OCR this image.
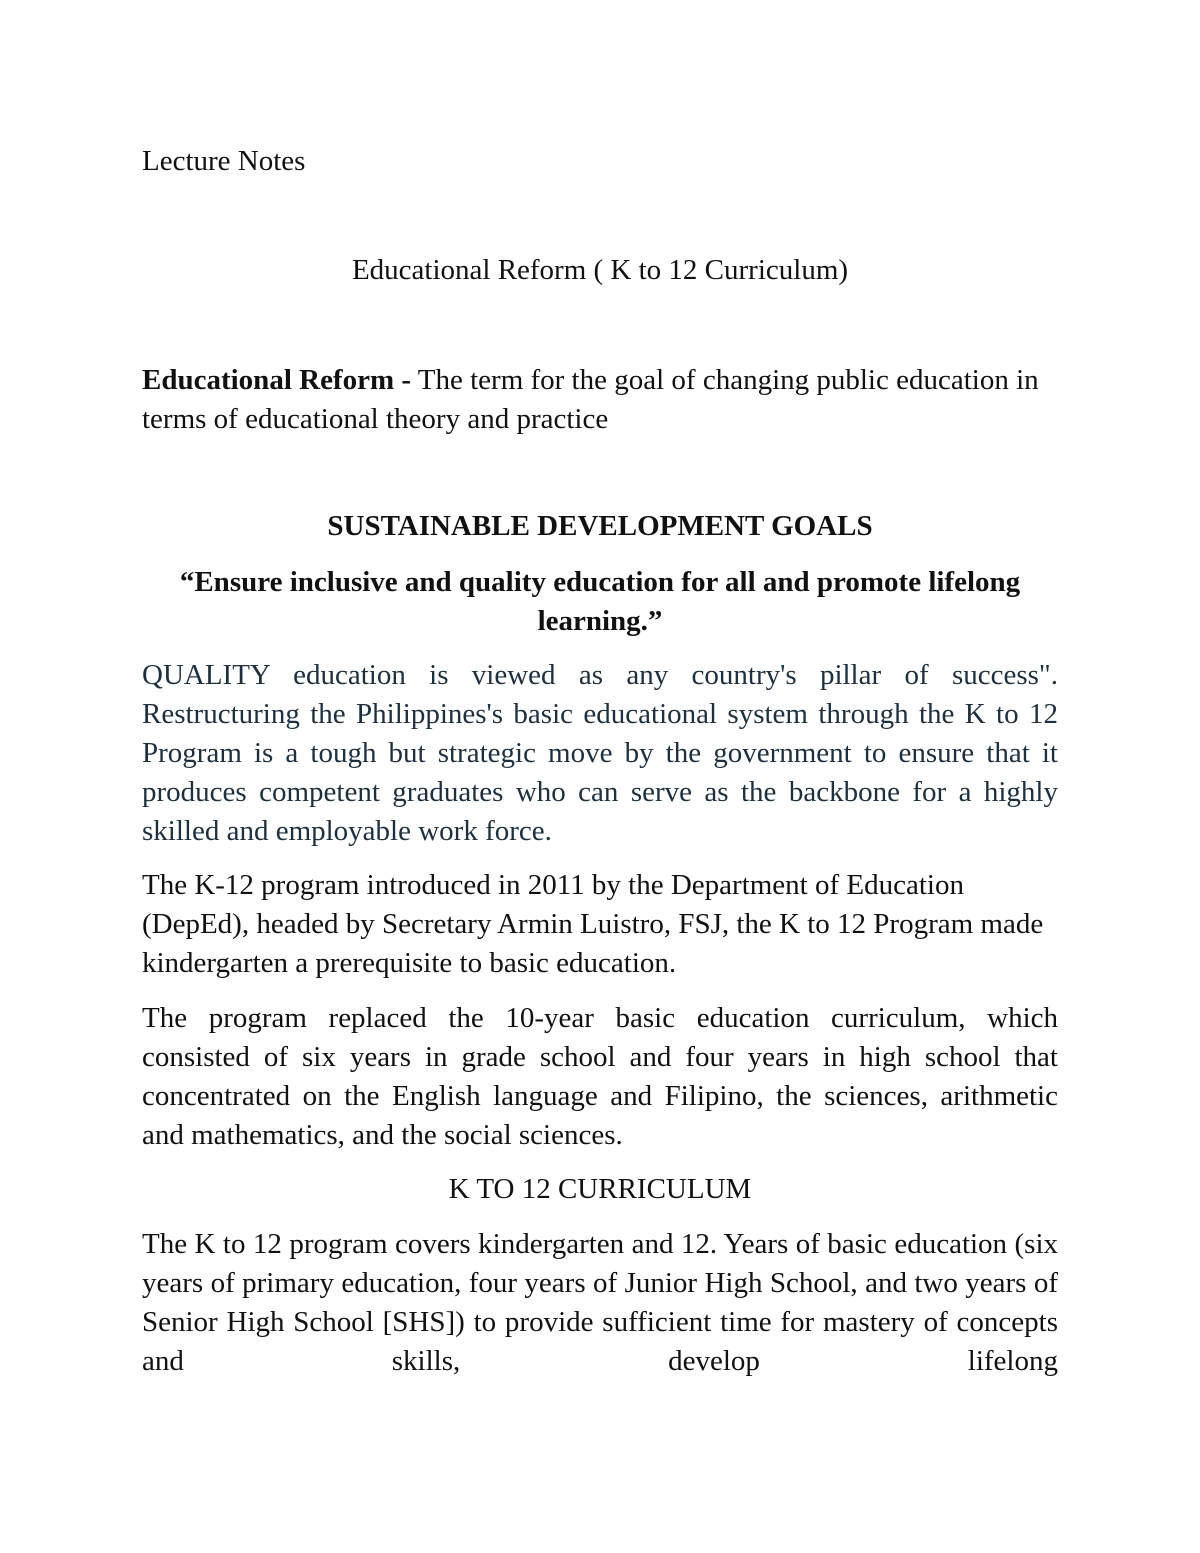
Lecture Notes

Educational Reform ( K to 12 Curriculum)

Educational Reform - The term for the goal of changing public education in terms of educational theory and practice

SUSTAINABLE DEVELOPMENT GOALS

“Ensure inclusive and quality education for all and promote lifelong learning.”

QUALITY education is viewed as any country's pillar of success". Restructuring the Philippines's basic educational system through the K to 12 Program is a tough but strategic move by the government to ensure that it produces competent graduates who can serve as the backbone for a highly skilled and employable work force.

The K-12 program introduced in 2011 by the Department of Education (DepEd), headed by Secretary Armin Luistro, FSJ, the K to 12 Program made kindergarten a prerequisite to basic education.

The program replaced the 10-year basic education curriculum, which consisted of six years in grade school and four years in high school that concentrated on the English language and Filipino, the sciences, arithmetic and mathematics, and the social sciences.

K TO 12 CURRICULUM

The K to 12 program covers kindergarten and 12. Years of basic education (six years of primary education, four years of Junior High School, and two years of Senior High School [SHS]) to provide sufficient time for mastery of concepts and skills, develop lifelong
